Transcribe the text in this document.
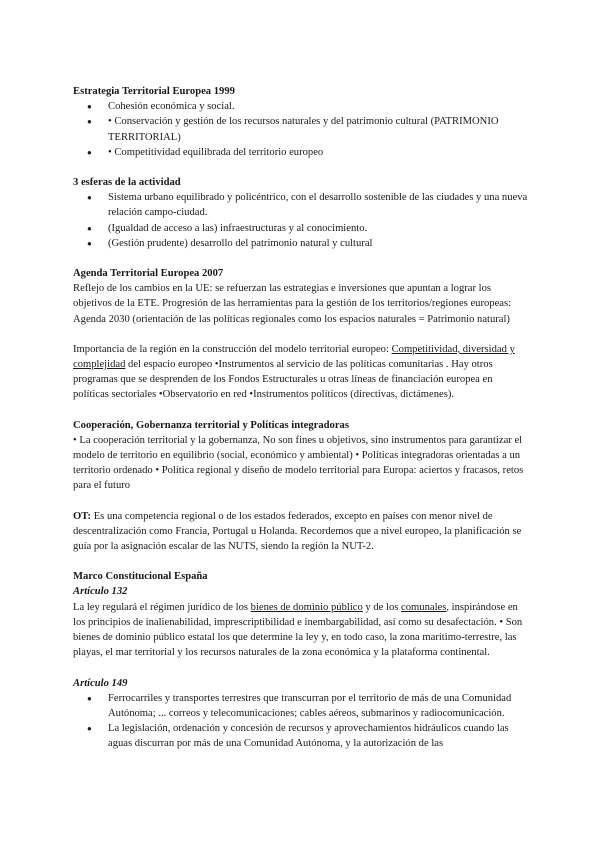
Estrategia Territorial Europea 1999

● Cohesión económica y social.
● • Conservación y gestión de los recursos naturales y del patrimonio cultural (PATRIMONIO TERRITORIAL)
● • Competitividad equilibrada del territorio europeo

3 esferas de la actividad

● Sistema urbano equilibrado y policéntrico, con el desarrollo sostenible de las ciudades y una nueva relación campo-ciudad.
● (Igualdad de acceso a las) infraestructuras y al conocimiento.
● (Gestión prudente) desarrollo del patrimonio natural y cultural

Agenda Territorial Europea 2007

Reflejo de los cambios en la UE: se refuerzan las estrategias e inversiones que apuntan a lograr los objetivos de la ETE. Progresión de las herramientas para la gestión de los territorios/regiones europeas: Agenda 2030 (orientación de las políticas regionales como los espacios naturales = Patrimonio natural)

Importancia de la región en la construcción del modelo territorial europeo: Competitividad, diversidad y complejidad del espacio europeo •Instrumentos al servicio de las políticas comunitarias . Hay otros programas que se desprenden de los Fondos Estructurales u otras líneas de financiación europea en políticas sectoriales •Observatorio en red •Instrumentos políticos (directivas, dictámenes).

Cooperación, Gobernanza territorial y Políticas integradoras

• La cooperación territorial y la gobernanza, No son fines u objetivos, sino instrumentos para garantizar el modelo de territorio en equilibrio (social, económico y ambiental) • Políticas integradoras orientadas a un territorio ordenado • Política regional y diseño de modelo territorial para Europa: aciertos y fracasos, retos para el futuro

OT: Es una competencia regional o de los estados federados, excepto en países con menor nivel de descentralización como Francia, Portugal u Holanda. Recordemos que a nivel europeo, la planificación se guía por la asignación escalar de las NUTS, siendo la región la NUT-2.

Marco Constitucional España

Artículo 132

La ley regulará el régimen jurídico de los bienes de dominio público y de los comunales, inspirándose en los principios de inalienabilidad, imprescriptibilidad e inembargabilidad, así como su desafectación. • Son bienes de dominio público estatal los que determine la ley y, en todo caso, la zona marítimo-terrestre, las playas, el mar territorial y los recursos naturales de la zona económica y la plataforma continental.

Artículo 149

● Ferrocarriles y transportes terrestres que transcurran por el territorio de más de una Comunidad Autónoma; ... correos y telecomunicaciones; cables aéreos, submarinos y radiocomunicación.
● La legislación, ordenación y concesión de recursos y aprovechamientos hidráulicos cuando las aguas discurran por más de una Comunidad Autónoma, y la autorización de las
